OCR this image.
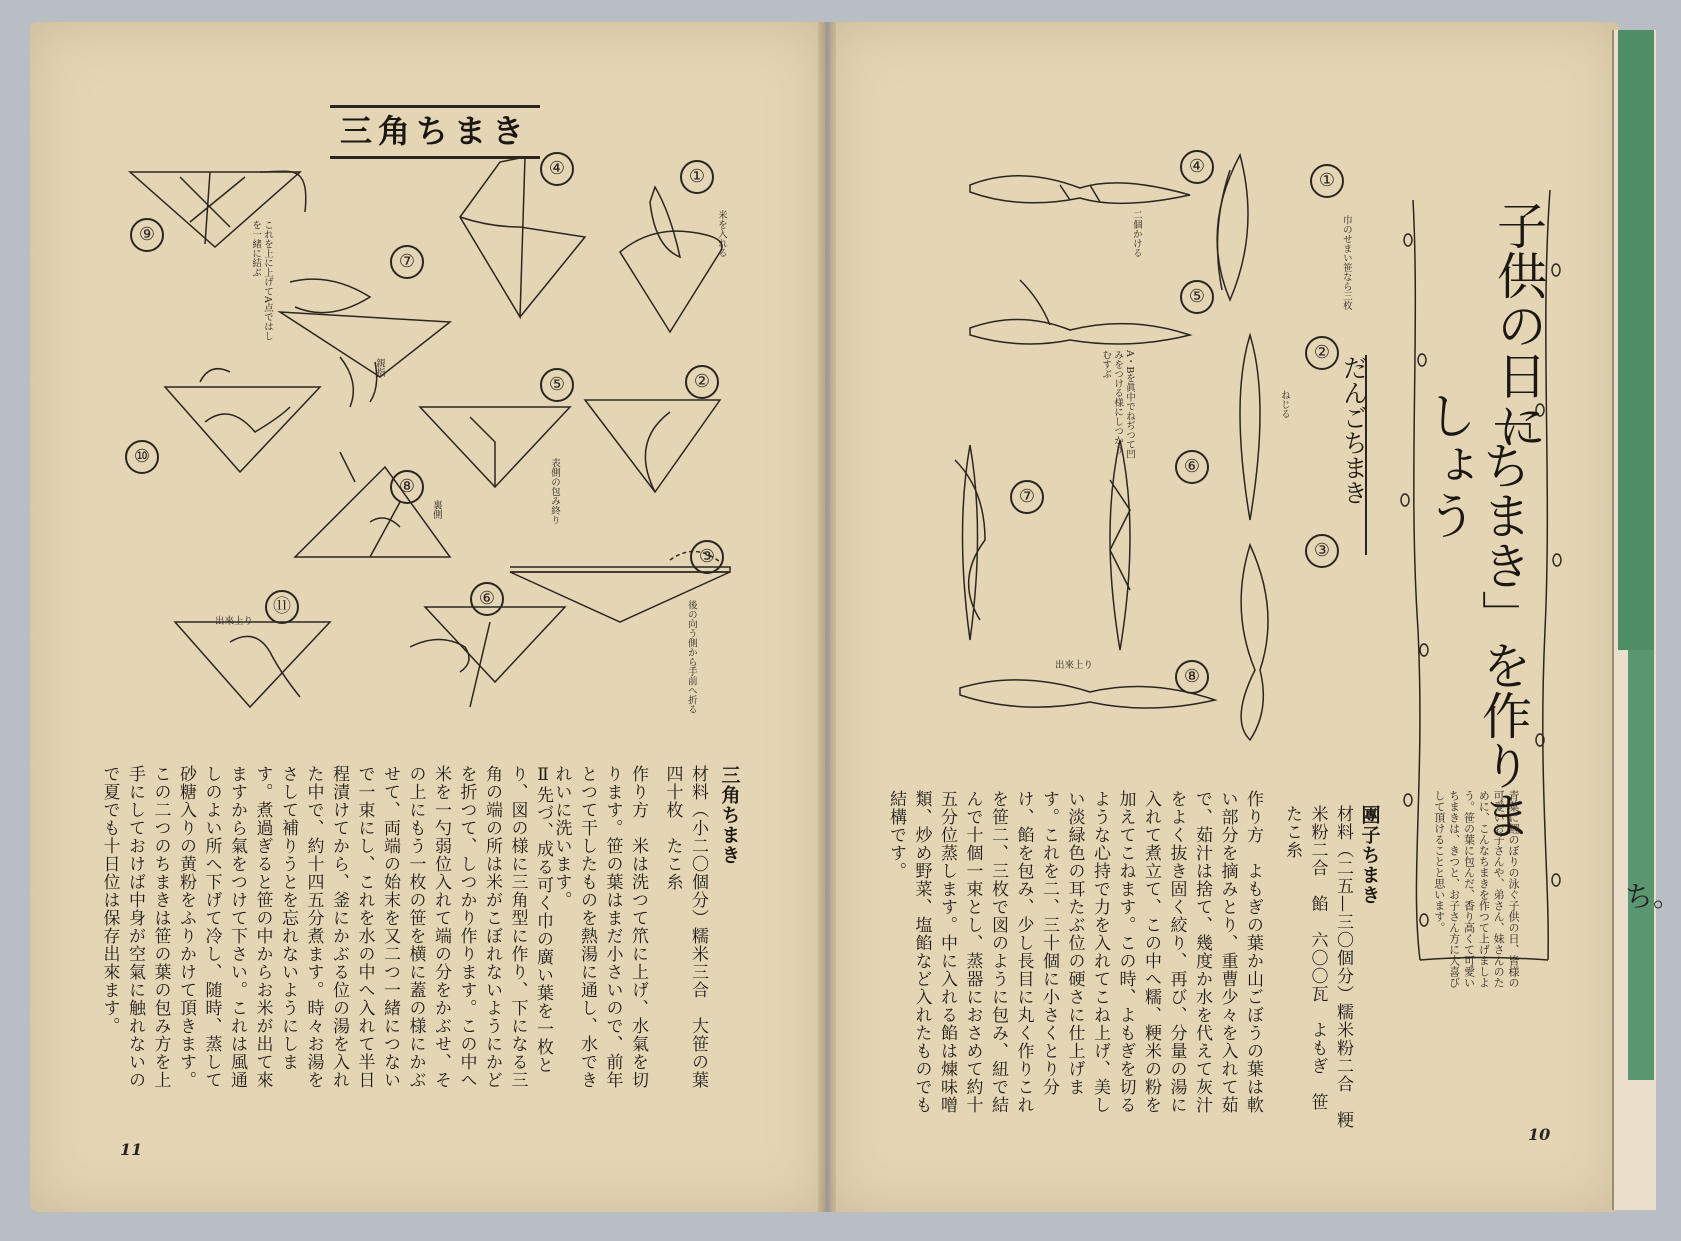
ち。
三角ちまき
⑨
④	①
⑦
⑩
⑤	②
⑧
③
⑪	⑥
米を入れる
後の向う側から手前へ折る
表側の包み終り
裏側
親指
これを上に上げてA点ではしを一緒に結ぶ
出來上り
三角ちまき
材料（小二〇個分）糯米三合　大笹の葉
四十枚　たこ糸
作り方　米は洗つて笊に上げ、水氣を切ります。笹の葉はまだ小さいので、前年とつて干したものを熱湯に通し、水できれいに洗います。
Ⅱ先づ、成る可く巾の廣い葉を一枚とり、図の様に三角型に作り、下になる三角の端の所は米がこぼれないようにかどを折つて、しつかり作ります。この中へ米を一勺弱位入れて端の分をかぶせ、その上にもう一枚の笹を横に蓋の様にかぶせて、両端の始末を又二つ一緒につないで一束にし、これを水の中へ入れて半日程漬けてから、釜にかぶる位の湯を入れた中で、約十四五分煮ます。時々お湯をさして補りうとを忘れないようにします。煮過ぎると笹の中からお米が出て來ますから氣をつけて下さい。これは風通しのよい所へ下げて冷し、随時、蒸して砂糖入りの黄粉をふりかけて頂きます。この二つのちまきは笹の葉の包み方を上手にしておけば中身が空氣に触れないので夏でも十日位は保存出來ます。
11
子供の日に
「ちまき」を作りましょう
青葉に鯉のぼりの泳ぐ子供の日、皆様の可愛いお子さんや、弟さん、妹さんのために、こんなちまきを作つて上げましよう。笹の葉に包んだ、香り高くて可愛いちまきは、きつと、お子さん方に大喜びして頂けることと思います。
だんごちまき
①
②
③
④
⑤
⑥
⑦
⑧
巾のせまい笹なら三枚
ねじる
二個かける
A・Bを眞中でねぢつて凹みをつける様にしつかりむすぶ
出來上り
團子ちまき
材料（二五—三〇個分）糯米粉二合　粳米粉二合　餡　六〇〇瓦　よもぎ　笹　たこ糸
作り方　よもぎの葉か山ごぼうの葉は軟い部分を摘みとり、重曹少々を入れて茹で、茹汁は捨て、幾度か水を代えて灰汁をよく抜き固く絞り、再び、分量の湯に入れて煮立て、この中へ糯、粳米の粉を加えてこねます。この時、よもぎを切るような心持で力を入れてこね上げ、美しい淡緑色の耳たぶ位の硬さに仕上げます。これを二、三十個に小さくとり分け、餡を包み、少し長目に丸く作りこれを笹二、三枚で図のように包み、紐で結んで十個一束とし、蒸器におさめて約十五分位蒸します。中に入れる餡は煉味噌類、炒め野菜、塩餡など入れたものでも結構です。
10
